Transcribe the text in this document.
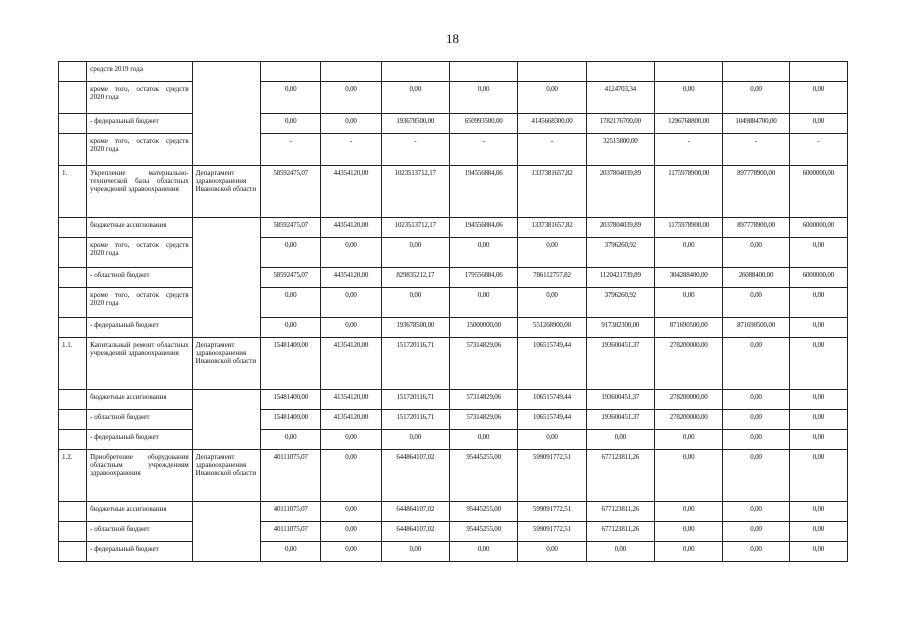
18
	средств 2019 года										
	кроме того, остаток средств 2020 года		0,00	0,00	0,00	0,00	0,00	4124703,34	0,00	0,00	0,00
	- федеральный бюджет		0,00	0,00	193678500,00	650993500,00	4145668300,00	1782176700,00	1296768800,00	1049884700,00	0,00
	кроме того, остаток средств 2020 года		-	-	-	-	-	32515800,00	-	-	-
1.	Укрепление материально-технической базы областных учреждений здравоохранения	Департамент здравоохранения Ивановской области	58592475,07	44354120,00	1023513712,17	194556884,06	1337381657,82	2037804039,89	1175978900,00	897778900,00	6000000,00
	бюджетные ассигнования		58592475,07	44354120,00	1023513712,17	194556884,06	1337381657,82	2037804039,89	1175978900,00	897778900,00	6000000,00
	кроме того, остаток средств 2020 года		0,00	0,00	0,00	0,00	0,00	3796260,92	0,00	0,00	0,00
	- областной бюджет		58592475,07	44354120,00	829835212,17	179556884,06	786112757,82	1120421739,89	304288400,00	26088400,00	6000000,00
	кроме того, остаток средств 2020 года		0,00	0,00	0,00	0,00	0,00	3796260,92	0,00	0,00	0,00
	- федеральный бюджет		0,00	0,00	193678500,00	15000000,00	551268900,00	917382300,00	871690500,00	871690500,00	0,00
1.1.	Капитальный ремонт областных учреждений здравоохранения	Департамент здравоохранения Ивановской области	15481400,00	41354120,00	151720116,71	57314829,06	106515749,44	193600451,37	278200000,00	0,00	0,00
	бюджетные ассигнования		15481400,00	41354120,00	151720116,71	57314829,06	106515749,44	193600451,37	278200000,00	0,00	0,00
	- областной бюджет		15481400,00	41354120,00	151720116,71	57314829,06	106515749,44	193600451,37	278200000,00	0,00	0,00
	- федеральный бюджет		0,00	0,00	0,00	0,00	0,00	0,00	0,00	0,00	0,00
1.2.	Приобретение оборудования областным учреждениям здравоохранения	Департамент здравоохранения Ивановской области	40111075,07	0,00	644864107,02	95445255,00	599091772,51	677123811,26	0,00	0,00	0,00
	бюджетные ассигнования		40111075,07	0,00	644864107,02	95445255,00	599091772,51	677123811,26	0,00	0,00	0,00
	- областной бюджет		40111075,07	0,00	644864107,02	95445255,00	599091772,51	677123811,26	0,00	0,00	0,00
	- федеральный бюджет		0,00	0,00	0,00	0,00	0,00	0,00	0,00	0,00	0,00
